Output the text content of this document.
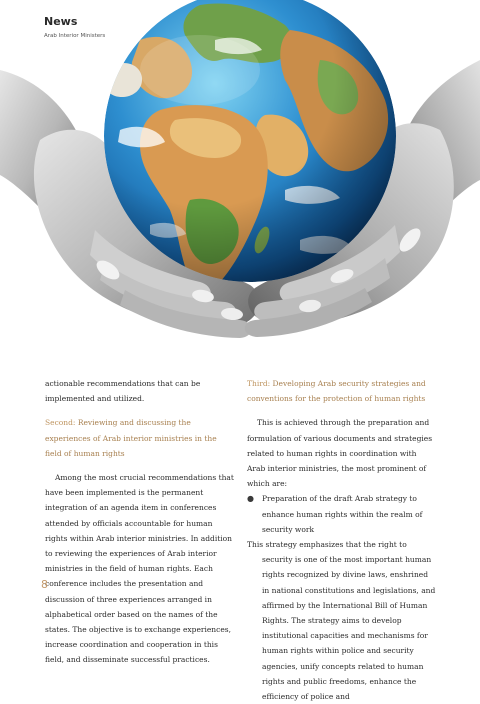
News
Arab Interior Ministers

actionable recommendations that can be implemented and utilized.

Second: Reviewing and discussing the experiences of Arab interior ministries in the field of human rights

Among the most crucial recommendations that have been implemented is the permanent integration of an agenda item in conferences attended by officials accountable for human rights within Arab interior ministries. In addition to reviewing the experiences of Arab interior ministries in the field of human rights. Each conference includes the presentation and discussion of three experiences arranged in alphabetical order based on the names of the states. The objective is to exchange experiences, increase coordination and cooperation in this field, and disseminate successful practices.

Third: Developing Arab security strategies and conventions for the protection of human rights

This is achieved through the preparation and formulation of various documents and strategies related to human rights in coordination with Arab interior ministries, the most prominent of which are:

● Preparation of the draft Arab strategy to enhance human rights within the realm of security work

This strategy emphasizes that the right to security is one of the most important human rights recognized by divine laws, enshrined in national constitutions and legislations, and affirmed by the International Bill of Human Rights. The strategy aims to develop institutional capacities and mechanisms for human rights within police and security agencies, unify concepts related to human rights and public freedoms, enhance the efficiency of police and

8
